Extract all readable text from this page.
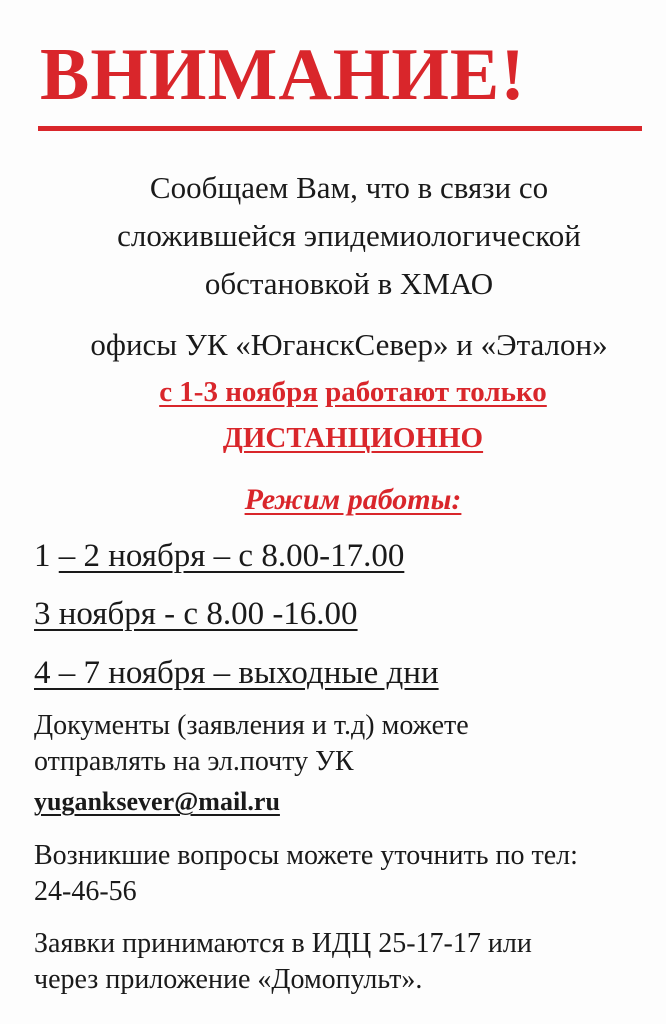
ВНИМАНИЕ!

Сообщаем Вам, что в связи со

сложившейся эпидемиологической

обстановкой в ХМАО

офисы УК «ЮганскСевер» и «Эталон»

с 1-3 ноября работают только

ДИСТАНЦИОННО

Режим работы:

1 – 2 ноября – с 8.00-17.00

3 ноября - с 8.00 -16.00

4 – 7 ноября – выходные дни

Документы (заявления и т.д) можете

отправлять на эл.почту УК

yuganksever@mail.ru

Возникшие вопросы можете уточнить по тел:

24-46-56

Заявки принимаются в ИДЦ 25-17-17 или

через приложение «Домопульт».
